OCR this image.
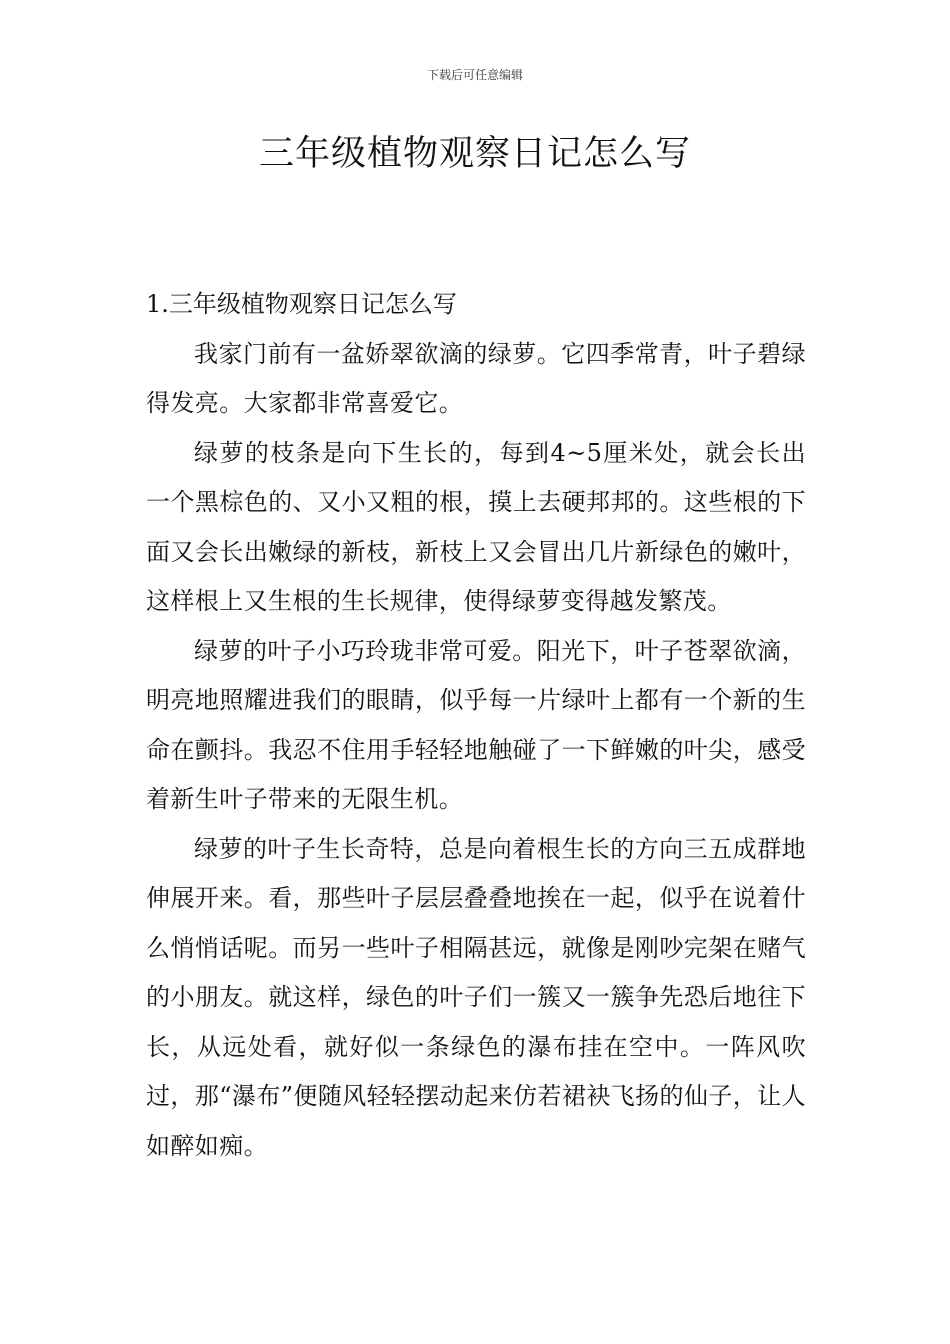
下载后可任意编辑
三年级植物观察日记怎么写
1.三年级植物观察日记怎么写

我家门前有一盆娇翠欲滴的绿萝。它四季常青，叶子碧绿得发亮。大家都非常喜爱它。

绿萝的枝条是向下生长的，每到4~5厘米处，就会长出一个黑棕色的、又小又粗的根，摸上去硬邦邦的。这些根的下面又会长出嫩绿的新枝，新枝上又会冒出几片新绿色的嫩叶，这样根上又生根的生长规律，使得绿萝变得越发繁茂。

绿萝的叶子小巧玲珑非常可爱。阳光下，叶子苍翠欲滴，明亮地照耀进我们的眼睛，似乎每一片绿叶上都有一个新的生命在颤抖。我忍不住用手轻轻地触碰了一下鲜嫩的叶尖，感受着新生叶子带来的无限生机。

绿萝的叶子生长奇特，总是向着根生长的方向三五成群地伸展开来。看，那些叶子层层叠叠地挨在一起，似乎在说着什么悄悄话呢。而另一些叶子相隔甚远，就像是刚吵完架在赌气的小朋友。就这样，绿色的叶子们一簇又一簇争先恐后地往下长，从远处看，就好似一条绿色的瀑布挂在空中。一阵风吹过，那“瀑布”便随风轻轻摆动起来仿若裙袂飞扬的仙子，让人如醉如痴。
